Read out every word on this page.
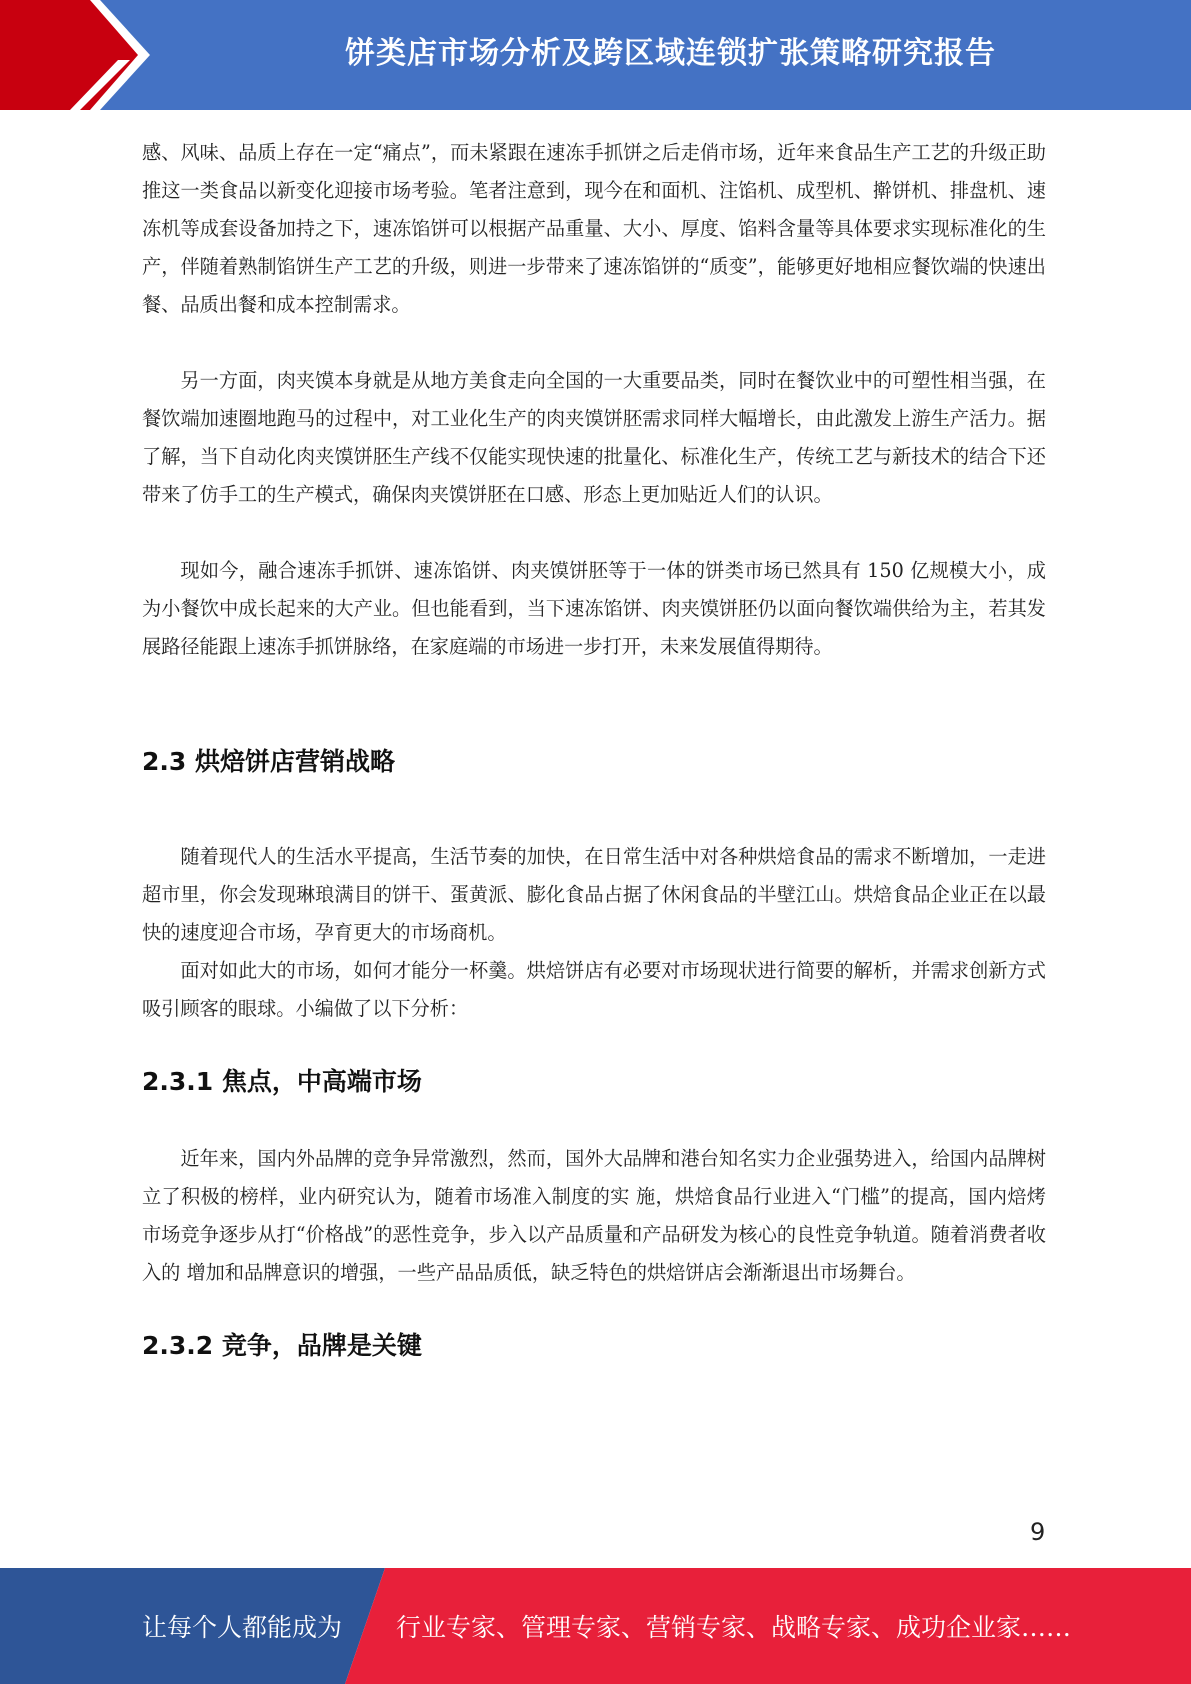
饼类店市场分析及跨区域连锁扩张策略研究报告

感、风味、品质上存在一定“痛点”，而未紧跟在速冻手抓饼之后走俏市场，近年来食品生产工艺的升级正助推这一类食品以新变化迎接市场考验。笔者注意到，现今在和面机、注馅机、成型机、擀饼机、排盘机、速冻机等成套设备加持之下，速冻馅饼可以根据产品重量、大小、厚度、馅料含量等具体要求实现标准化的生产，伴随着熟制馅饼生产工艺的升级，则进一步带来了速冻馅饼的“质变”，能够更好地相应餐饮端的快速出餐、品质出餐和成本控制需求。

另一方面，肉夹馍本身就是从地方美食走向全国的一大重要品类，同时在餐饮业中的可塑性相当强，在餐饮端加速圈地跑马的过程中，对工业化生产的肉夹馍饼胚需求同样大幅增长，由此激发上游生产活力。据了解，当下自动化肉夹馍饼胚生产线不仅能实现快速的批量化、标准化生产，传统工艺与新技术的结合下还带来了仿手工的生产模式，确保肉夹馍饼胚在口感、形态上更加贴近人们的认识。

现如今，融合速冻手抓饼、速冻馅饼、肉夹馍饼胚等于一体的饼类市场已然具有 150 亿规模大小，成为小餐饮中成长起来的大产业。但也能看到，当下速冻馅饼、肉夹馍饼胚仍以面向餐饮端供给为主，若其发展路径能跟上速冻手抓饼脉络，在家庭端的市场进一步打开，未来发展值得期待。

2.3 烘焙饼店营销战略

随着现代人的生活水平提高，生活节奏的加快，在日常生活中对各种烘焙食品的需求不断增加，一走进超市里，你会发现琳琅满目的饼干、蛋黄派、膨化食品占据了休闲食品的半壁江山。烘焙食品企业正在以最快的速度迎合市场，孕育更大的市场商机。

面对如此大的市场，如何才能分一杯羹。烘焙饼店有必要对市场现状进行简要的解析，并需求创新方式吸引顾客的眼球。小编做了以下分析：

2.3.1 焦点，中高端市场

近年来，国内外品牌的竞争异常激烈，然而，国外大品牌和港台知名实力企业强势进入，给国内品牌树立了积极的榜样，业内研究认为，随着市场准入制度的实 施，烘焙食品行业进入“门槛”的提高，国内焙烤市场竞争逐步从打“价格战”的恶性竞争，步入以产品质量和产品研发为核心的良性竞争轨道。随着消费者收入的 增加和品牌意识的增强，一些产品品质低，缺乏特色的烘焙饼店会渐渐退出市场舞台。

2.3.2 竞争，品牌是关键
9
让每个人都能成为 行业专家、管理专家、营销专家、战略专家、成功企业家……
